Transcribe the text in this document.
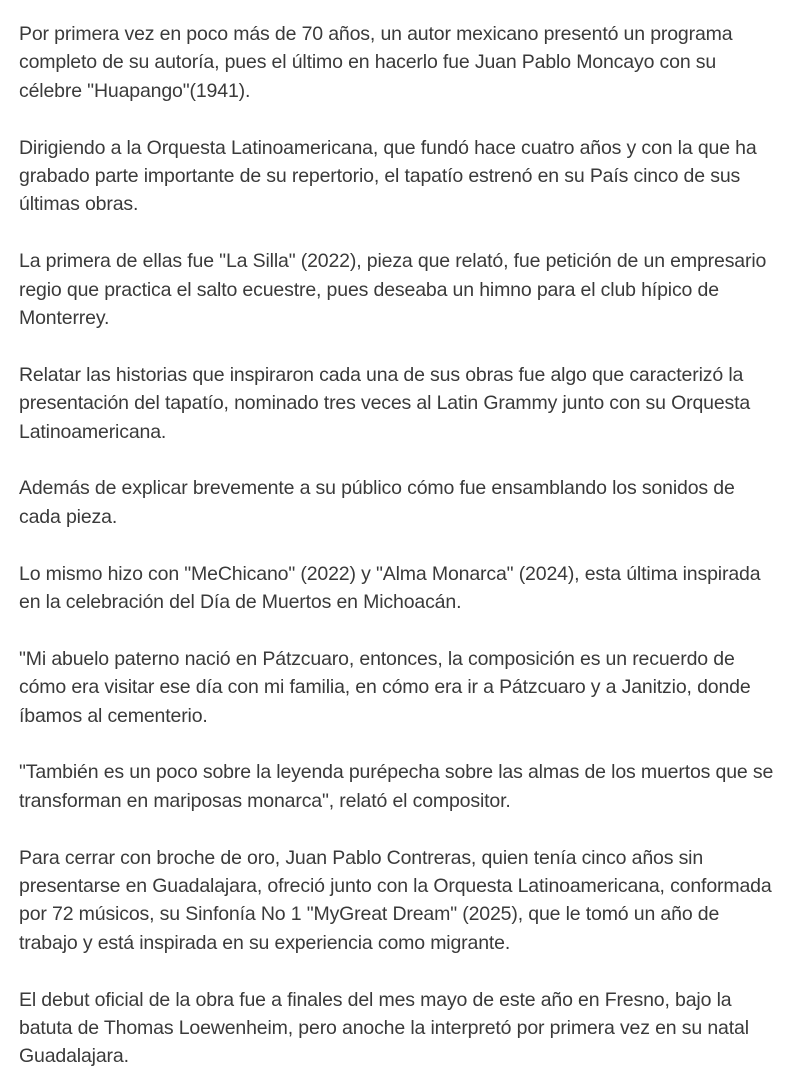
Por primera vez en poco más de 70 años, un autor mexicano presentó un programa
completo de su autoría, pues el último en hacerlo fue Juan Pablo Moncayo con su
célebre "Huapango"(1941).

Dirigiendo a la Orquesta Latinoamericana, que fundó hace cuatro años y con la que ha
grabado parte importante de su repertorio, el tapatío estrenó en su País cinco de sus
últimas obras.

La primera de ellas fue "La Silla" (2022), pieza que relató, fue petición de un empresario
regio que practica el salto ecuestre, pues deseaba un himno para el club hípico de
Monterrey.

Relatar las historias que inspiraron cada una de sus obras fue algo que caracterizó la
presentación del tapatío, nominado tres veces al Latin Grammy junto con su Orquesta
Latinoamericana.

Además de explicar brevemente a su público cómo fue ensamblando los sonidos de
cada pieza.

Lo mismo hizo con "MeChicano" (2022) y "Alma Monarca" (2024), esta última inspirada
en la celebración del Día de Muertos en Michoacán.

"Mi abuelo paterno nació en Pátzcuaro, entonces, la composición es un recuerdo de
cómo era visitar ese día con mi familia, en cómo era ir a Pátzcuaro y a Janitzio, donde
íbamos al cementerio.

"También es un poco sobre la leyenda purépecha sobre las almas de los muertos que se
transforman en mariposas monarca", relató el compositor.

Para cerrar con broche de oro, Juan Pablo Contreras, quien tenía cinco años sin
presentarse en Guadalajara, ofreció junto con la Orquesta Latinoamericana, conformada
por 72 músicos, su Sinfonía No 1 "MyGreat Dream" (2025), que le tomó un año de
trabajo y está inspirada en su experiencia como migrante.

El debut oficial de la obra fue a finales del mes mayo de este año en Fresno, bajo la
batuta de Thomas Loewenheim, pero anoche la interpretó por primera vez en su natal
Guadalajara.
